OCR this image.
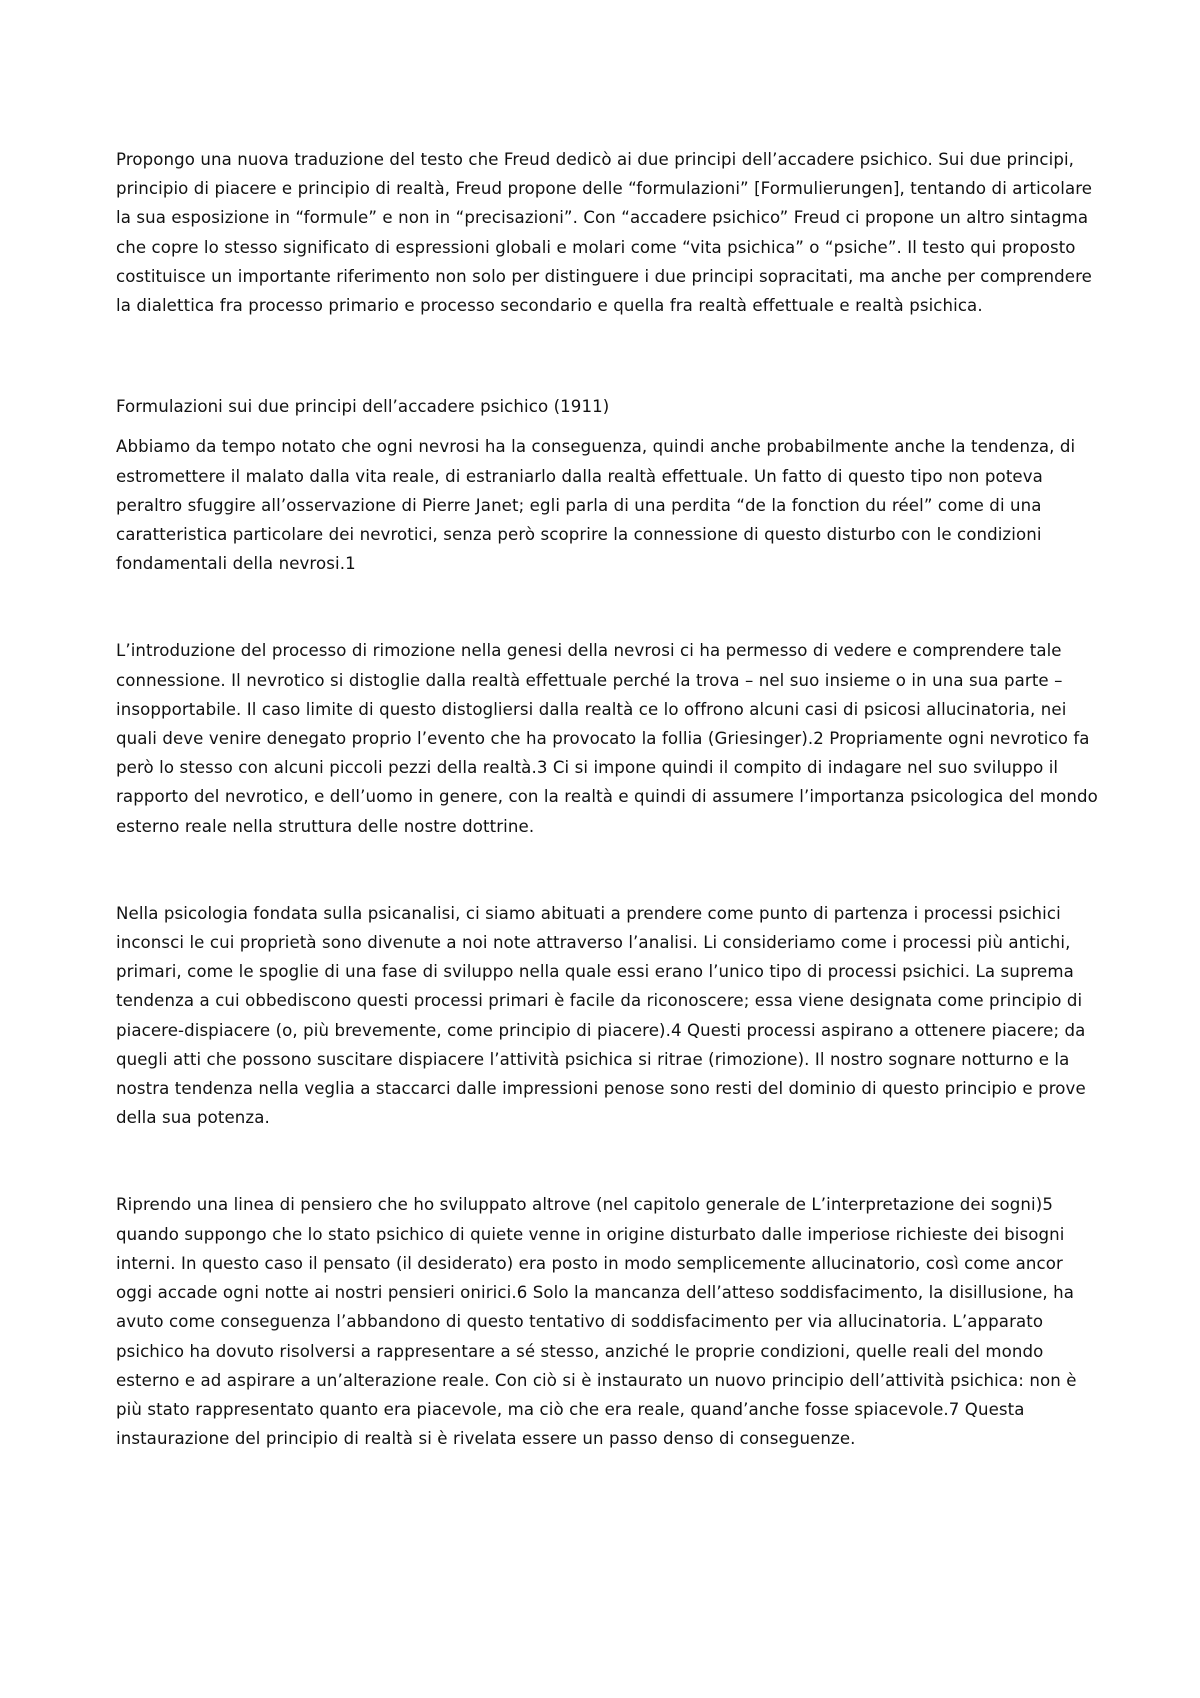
Propongo una nuova traduzione del testo che Freud dedicò ai due principi dell’accadere psichico. Sui due principi, principio di piacere e principio di realtà, Freud propone delle “formulazioni” [Formulierungen], tentando di articolare la sua esposizione in “formule” e non in “precisazioni”. Con “accadere psichico” Freud ci propone un altro sintagma che copre lo stesso significato di espressioni globali e molari come “vita psichica” o “psiche”. Il testo qui proposto costituisce un importante riferimento non solo per distinguere i due principi sopracitati, ma anche per comprendere la dialettica fra processo primario e processo secondario e quella fra realtà effettuale e realtà psichica.

Formulazioni sui due principi dell’accadere psichico (1911)

Abbiamo da tempo notato che ogni nevrosi ha la conseguenza, quindi anche probabilmente anche la tendenza, di estromettere il malato dalla vita reale, di estraniarlo dalla realtà effettuale. Un fatto di questo tipo non poteva peraltro sfuggire all’osservazione di Pierre Janet; egli parla di una perdita “de la fonction du réel” come di una caratteristica particolare dei nevrotici, senza però scoprire la connessione di questo disturbo con le condizioni fondamentali della nevrosi.1

L’introduzione del processo di rimozione nella genesi della nevrosi ci ha permesso di vedere e comprendere tale connessione. Il nevrotico si distoglie dalla realtà effettuale perché la trova – nel suo insieme o in una sua parte – insopportabile. Il caso limite di questo distogliersi dalla realtà ce lo offrono alcuni casi di psicosi allucinatoria, nei quali deve venire denegato proprio l’evento che ha provocato la follia (Griesinger).2 Propriamente ogni nevrotico fa però lo stesso con alcuni piccoli pezzi della realtà.3 Ci si impone quindi il compito di indagare nel suo sviluppo il rapporto del nevrotico, e dell’uomo in genere, con la realtà e quindi di assumere l’importanza psicologica del mondo esterno reale nella struttura delle nostre dottrine.

Nella psicologia fondata sulla psicanalisi, ci siamo abituati a prendere come punto di partenza i processi psichici inconsci le cui proprietà sono divenute a noi note attraverso l’analisi. Li consideriamo come i processi più antichi, primari, come le spoglie di una fase di sviluppo nella quale essi erano l’unico tipo di processi psichici. La suprema tendenza a cui obbediscono questi processi primari è facile da riconoscere; essa viene designata come principio di piacere-dispiacere (o, più brevemente, come principio di piacere).4 Questi processi aspirano a ottenere piacere; da quegli atti che possono suscitare dispiacere l’attività psichica si ritrae (rimozione). Il nostro sognare notturno e la nostra tendenza nella veglia a staccarci dalle impressioni penose sono resti del dominio di questo principio e prove della sua potenza.

Riprendo una linea di pensiero che ho sviluppato altrove (nel capitolo generale de L’interpretazione dei sogni)5 quando suppongo che lo stato psichico di quiete venne in origine disturbato dalle imperiose richieste dei bisogni interni. In questo caso il pensato (il desiderato) era posto in modo semplicemente allucinatorio, così come ancor oggi accade ogni notte ai nostri pensieri onirici.6 Solo la mancanza dell’atteso soddisfacimento, la disillusione, ha avuto come conseguenza l’abbandono di questo tentativo di soddisfacimento per via allucinatoria. L’apparato psichico ha dovuto risolversi a rappresentare a sé stesso, anziché le proprie condizioni, quelle reali del mondo esterno e ad aspirare a un’alterazione reale. Con ciò si è instaurato un nuovo principio dell’attività psichica: non è più stato rappresentato quanto era piacevole, ma ciò che era reale, quand’anche fosse spiacevole.7 Questa instaurazione del principio di realtà si è rivelata essere un passo denso di conseguenze.
